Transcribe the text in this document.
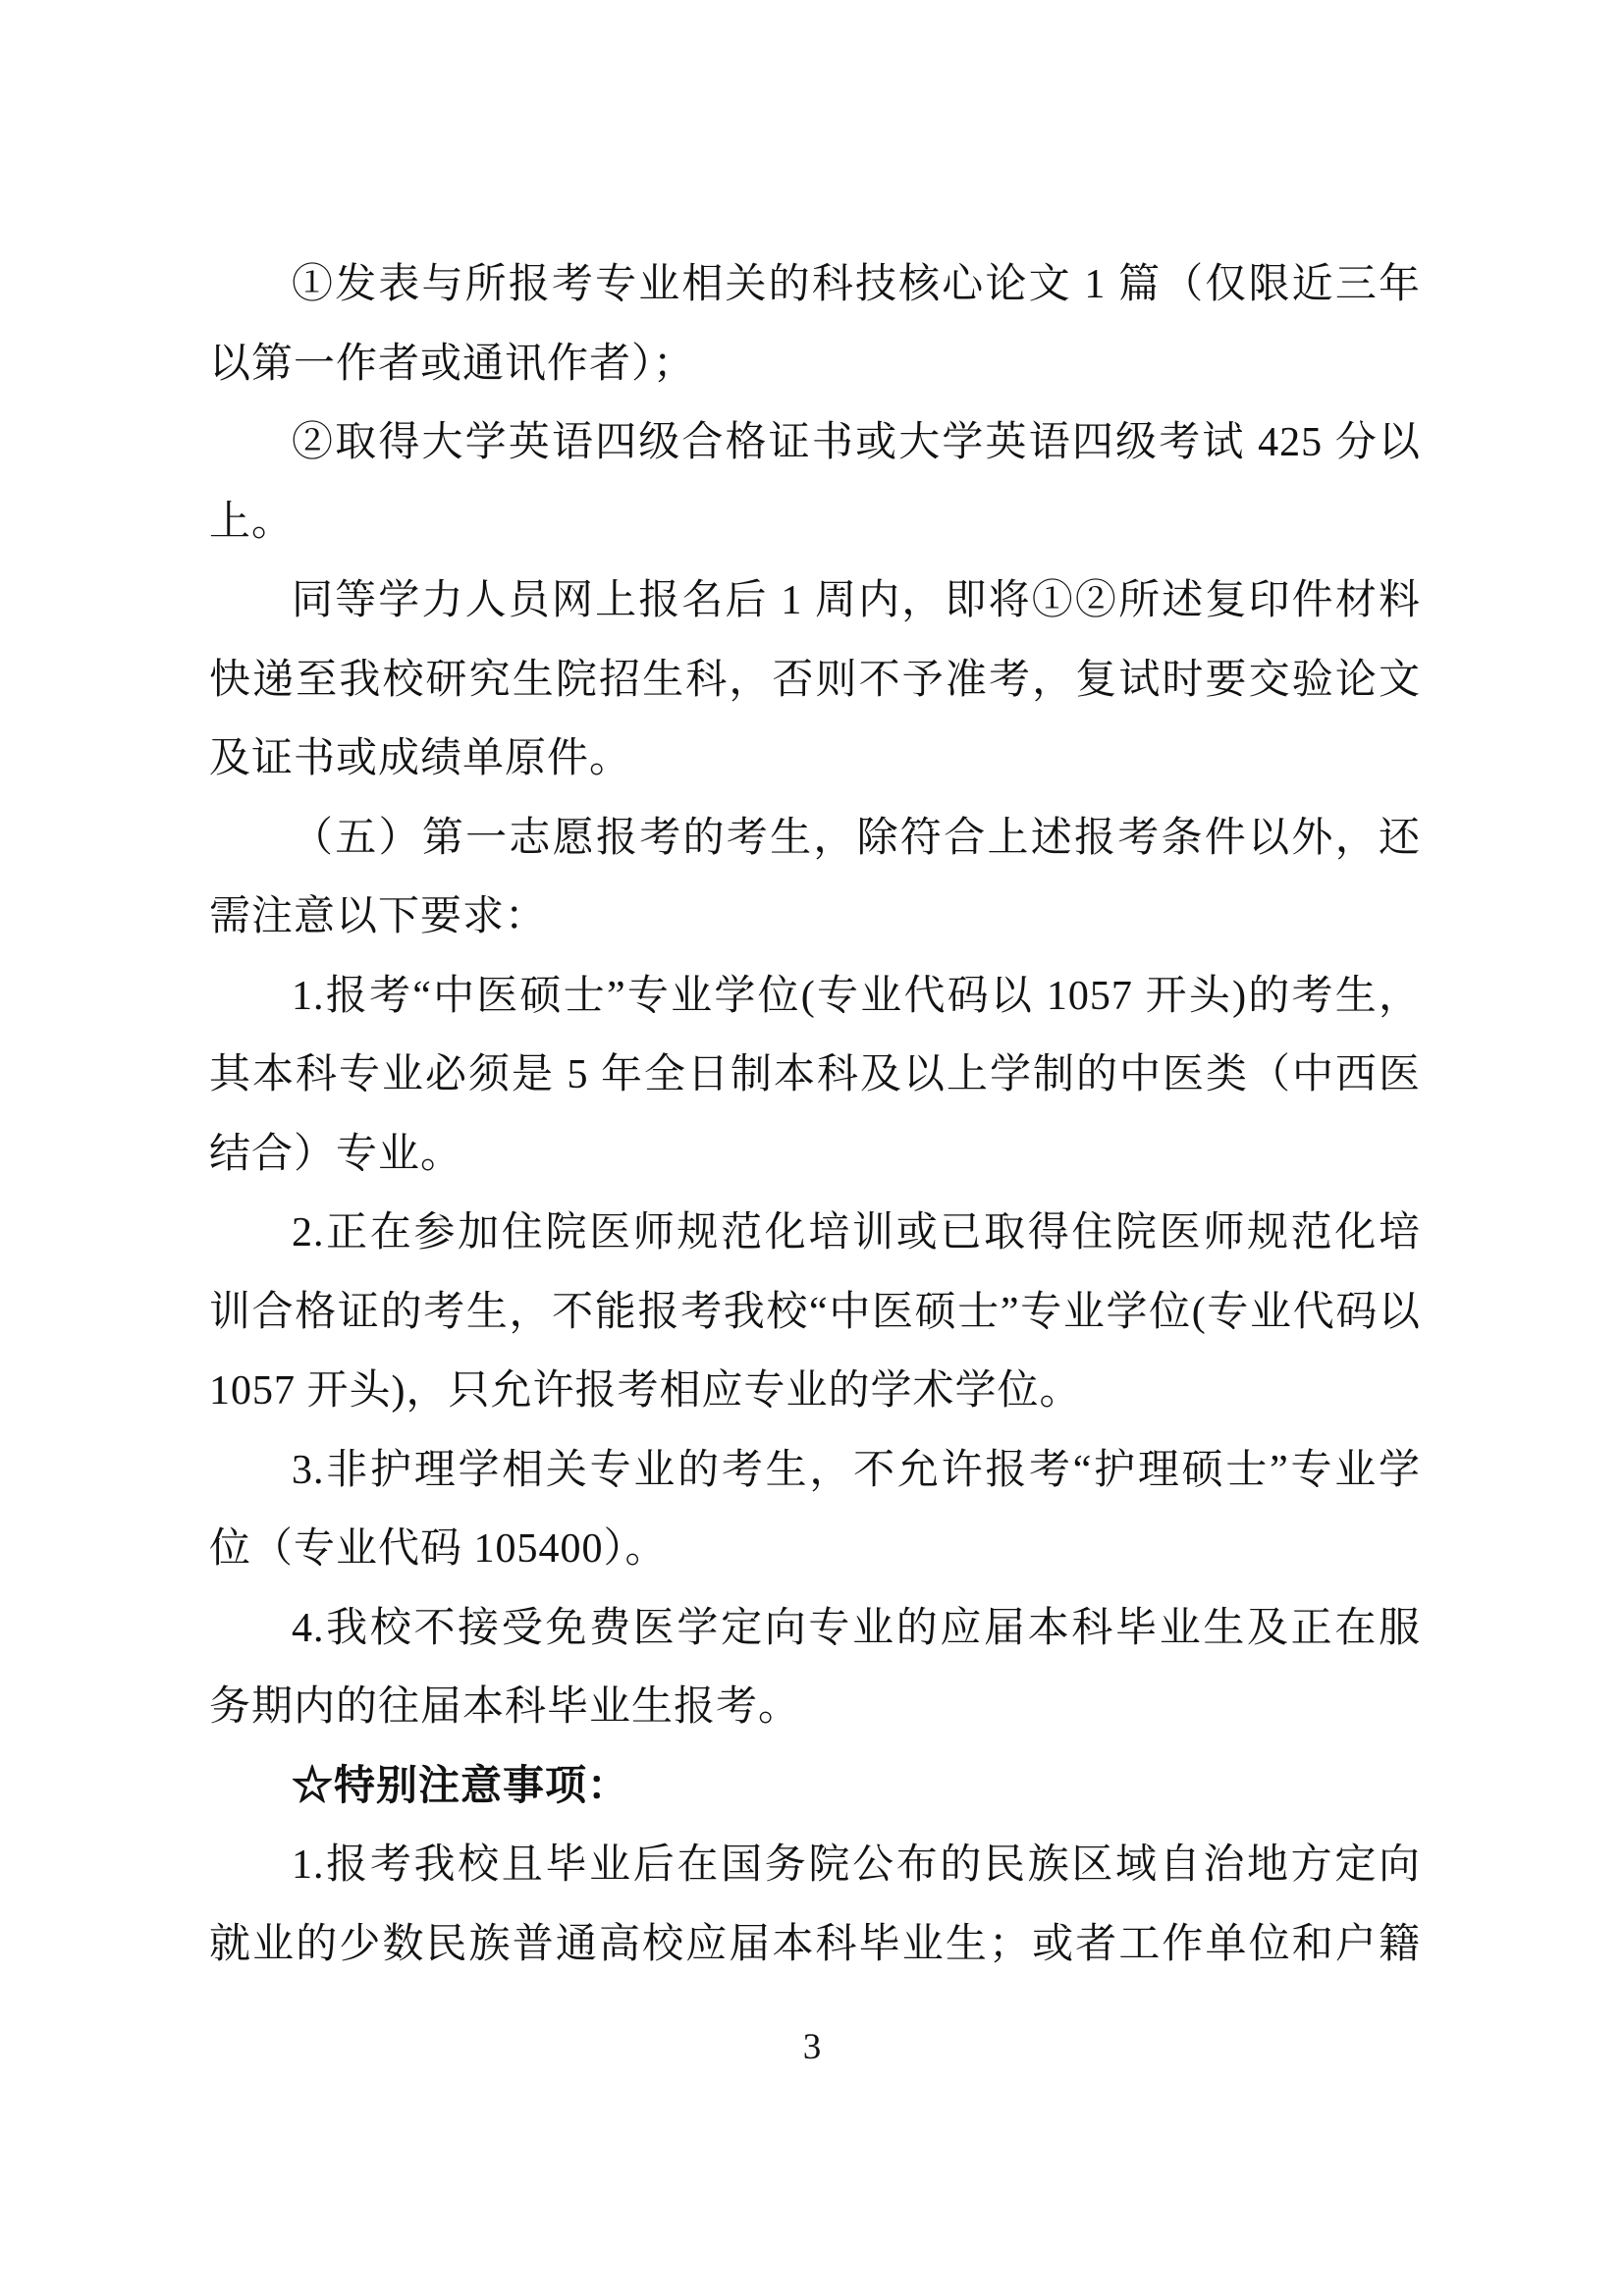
①发表与所报考专业相关的科技核心论文 1 篇（仅限近三年
以第一作者或通讯作者）；
②取得大学英语四级合格证书或大学英语四级考试 425 分以
上。
同等学力人员网上报名后 1 周内，即将①②所述复印件材料
快递至我校研究生院招生科，否则不予准考，复试时要交验论文
及证书或成绩单原件。
（五）第一志愿报考的考生，除符合上述报考条件以外，还
需注意以下要求：
1.报考“中医硕士”专业学位(专业代码以 1057 开头)的考生，
其本科专业必须是 5 年全日制本科及以上学制的中医类（中西医
结合）专业。
2.正在参加住院医师规范化培训或已取得住院医师规范化培
训合格证的考生，不能报考我校“中医硕士”专业学位(专业代码以
1057 开头)，只允许报考相应专业的学术学位。
3.非护理学相关专业的考生，不允许报考“护理硕士”专业学
位（专业代码 105400）。
4.我校不接受免费医学定向专业的应届本科毕业生及正在服
务期内的往届本科毕业生报考。
☆特别注意事项：
1.报考我校且毕业后在国务院公布的民族区域自治地方定向
就业的少数民族普通高校应届本科毕业生；或者工作单位和户籍
3
